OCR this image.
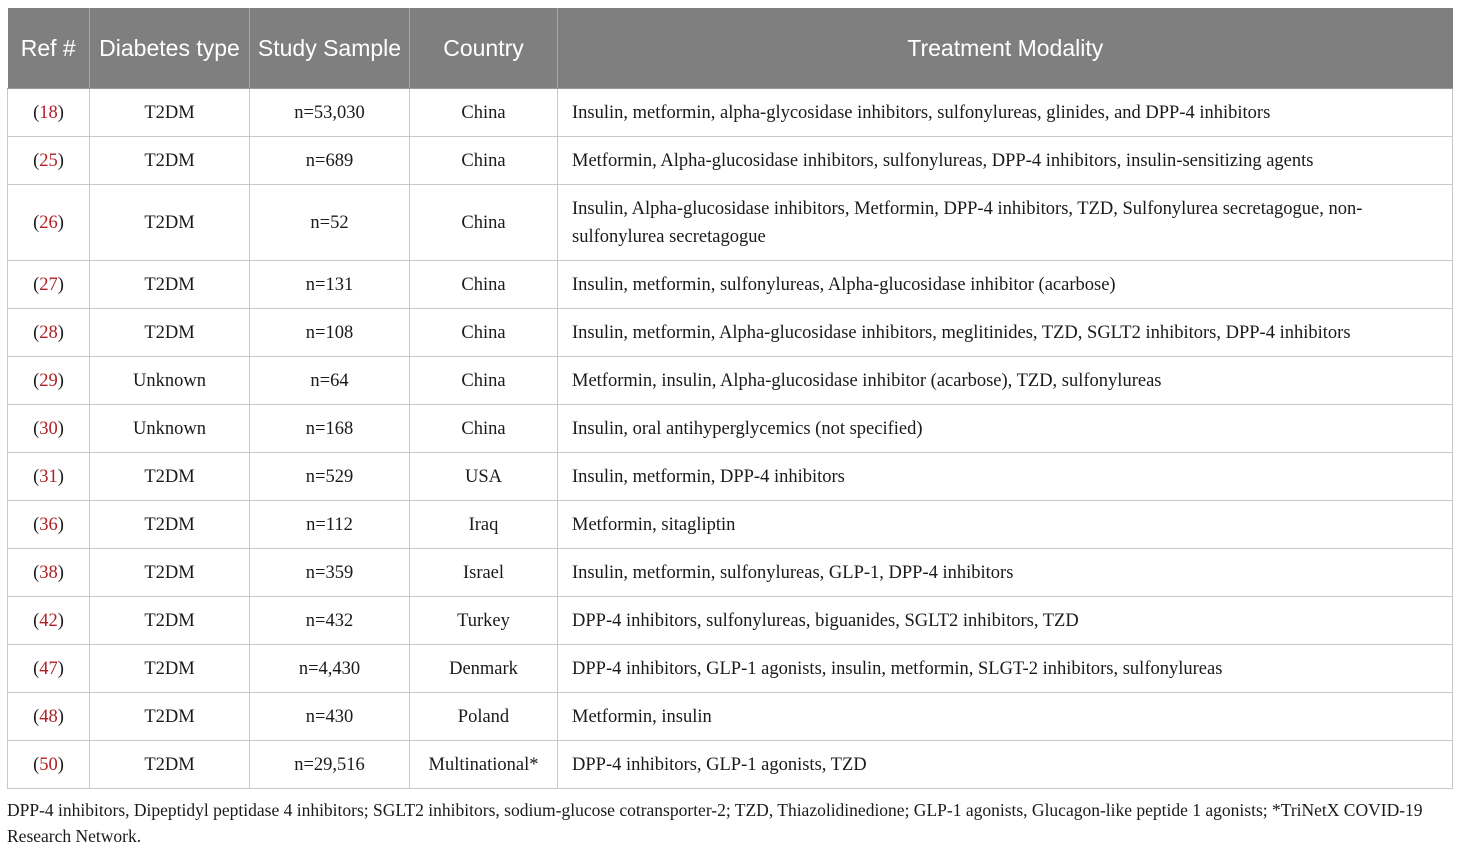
Ref #	Diabetes type	Study Sample	Country	Treatment Modality
(18)	T2DM	n=53,030	China	Insulin, metformin, alpha-glycosidase inhibitors, sulfonylureas, glinides, and DPP-4 inhibitors
(25)	T2DM	n=689	China	Metformin, Alpha-glucosidase inhibitors, sulfonylureas, DPP-4 inhibitors, insulin-sensitizing agents
(26)	T2DM	n=52	China	Insulin, Alpha-glucosidase inhibitors, Metformin, DPP-4 inhibitors, TZD, Sulfonylurea secretagogue, non-sulfonylurea secretagogue
(27)	T2DM	n=131	China	Insulin, metformin, sulfonylureas, Alpha-glucosidase inhibitor (acarbose)
(28)	T2DM	n=108	China	Insulin, metformin, Alpha-glucosidase inhibitors, meglitinides, TZD, SGLT2 inhibitors, DPP-4 inhibitors
(29)	Unknown	n=64	China	Metformin, insulin, Alpha-glucosidase inhibitor (acarbose), TZD, sulfonylureas
(30)	Unknown	n=168	China	Insulin, oral antihyperglycemics (not specified)
(31)	T2DM	n=529	USA	Insulin, metformin, DPP-4 inhibitors
(36)	T2DM	n=112	Iraq	Metformin, sitagliptin
(38)	T2DM	n=359	Israel	Insulin, metformin, sulfonylureas, GLP-1, DPP-4 inhibitors
(42)	T2DM	n=432	Turkey	DPP-4 inhibitors, sulfonylureas, biguanides, SGLT2 inhibitors, TZD
(47)	T2DM	n=4,430	Denmark	DPP-4 inhibitors, GLP-1 agonists, insulin, metformin, SLGT-2 inhibitors, sulfonylureas
(48)	T2DM	n=430	Poland	Metformin, insulin
(50)	T2DM	n=29,516	Multinational*	DPP-4 inhibitors, GLP-1 agonists, TZD
DPP-4 inhibitors, Dipeptidyl peptidase 4 inhibitors; SGLT2 inhibitors, sodium-glucose cotransporter-2; TZD, Thiazolidinedione; GLP-1 agonists, Glucagon-like peptide 1 agonists; *TriNetX COVID-19 Research Network.
